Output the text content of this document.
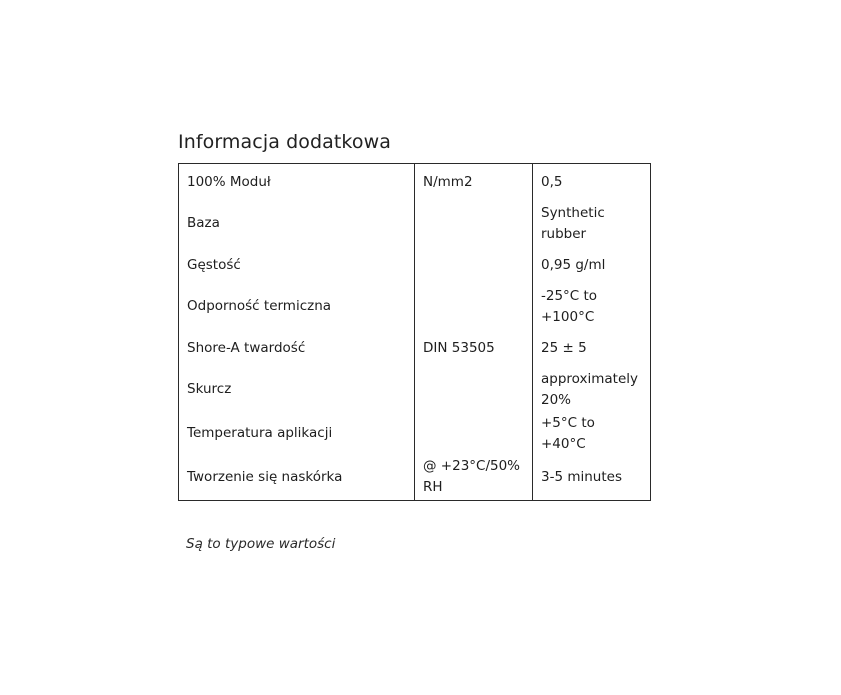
Informacja dodatkowa
100% Moduł	N/mm2	0,5
Baza		Synthetic rubber
Gęstość		0,95 g/ml
Odporność termiczna		-25°C to +100°C
Shore-A twardość	DIN 53505	25 ± 5
Skurcz		approximately 20%
Temperatura aplikacji		+5°C to +40°C
Tworzenie się naskórka	@ +23°C/50% RH	3-5 minutes
Są to typowe wartości
